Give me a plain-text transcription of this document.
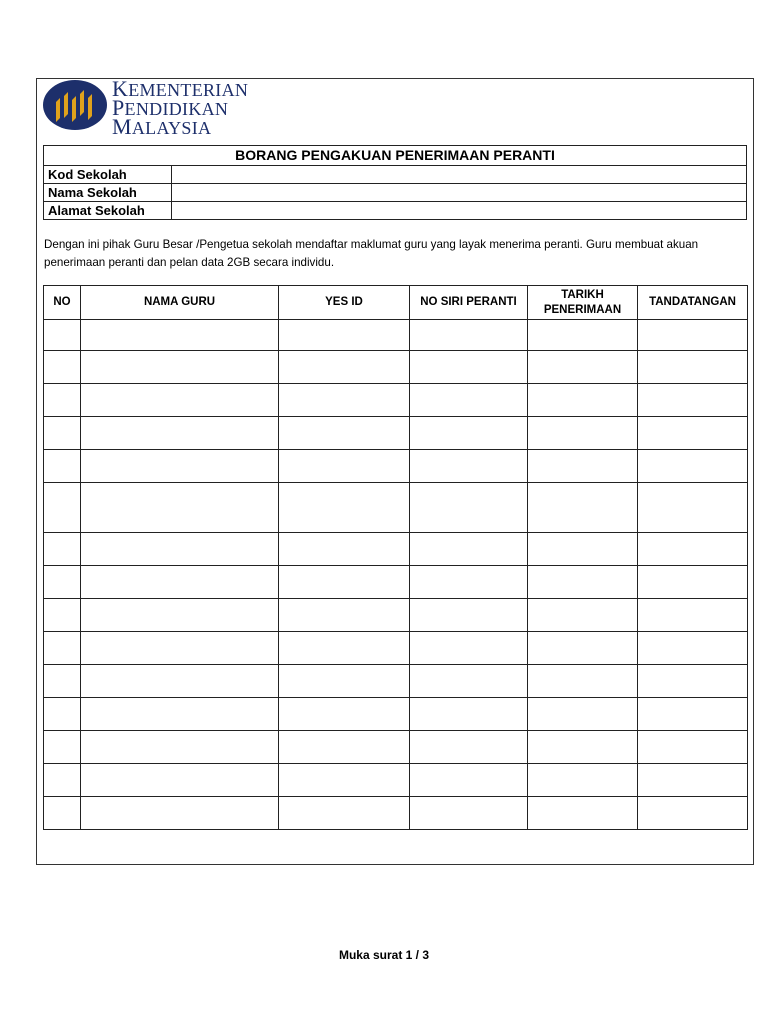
KEMENTERIAN
PENDIDIKAN
MALAYSIA
BORANG PENGAKUAN PENERIMAAN PERANTI	
Kod Sekolah	
Nama Sekolah	
Alamat Sekolah	
Dengan ini pihak Guru Besar /Pengetua sekolah mendaftar maklumat guru yang layak menerima peranti. Guru membuat akuan penerimaan peranti dan pelan data 2GB secara individu.
NO	NAMA GURU	YES ID	NO SIRI PERANTI	TARIKH PENERIMAAN	TANDATANGAN

Muka surat 1 / 3
